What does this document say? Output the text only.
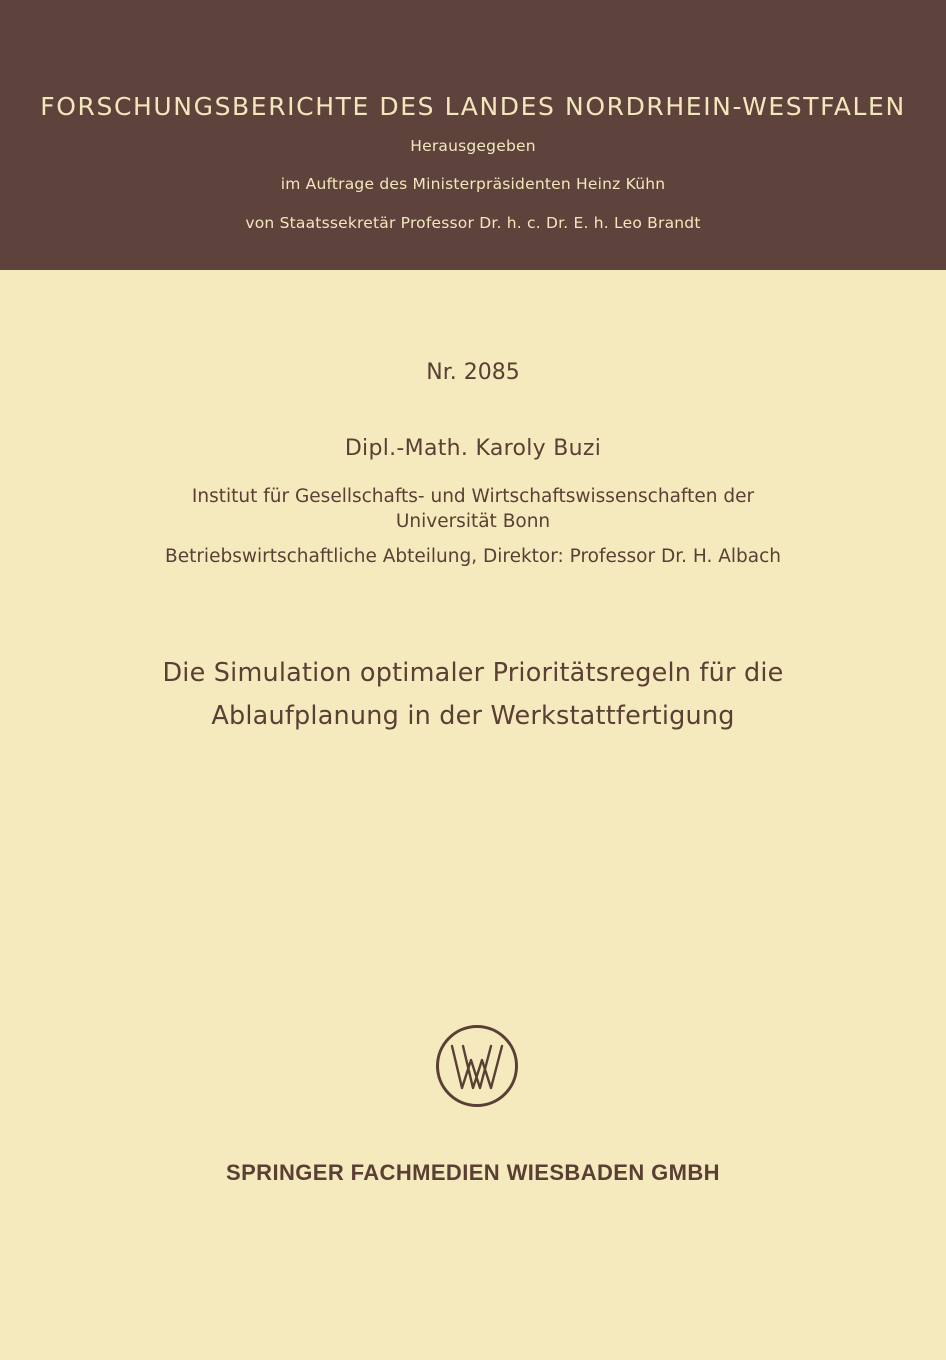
FORSCHUNGSBERICHTE DES LANDES NORDRHEIN-WESTFALEN
Herausgegeben
im Auftrage des Ministerpräsidenten Heinz Kühn
von Staatssekretär Professor Dr. h. c. Dr. E. h. Leo Brandt
Nr. 2085
Dipl.-Math. Karoly Buzi
Institut für Gesellschafts- und Wirtschaftswissenschaften der
Universität Bonn
Betriebswirtschaftliche Abteilung, Direktor: Professor Dr. H. Albach
Die Simulation optimaler Prioritätsregeln für die
Ablaufplanung in der Werkstattfertigung
SPRINGER FACHMEDIEN WIESBADEN GMBH
